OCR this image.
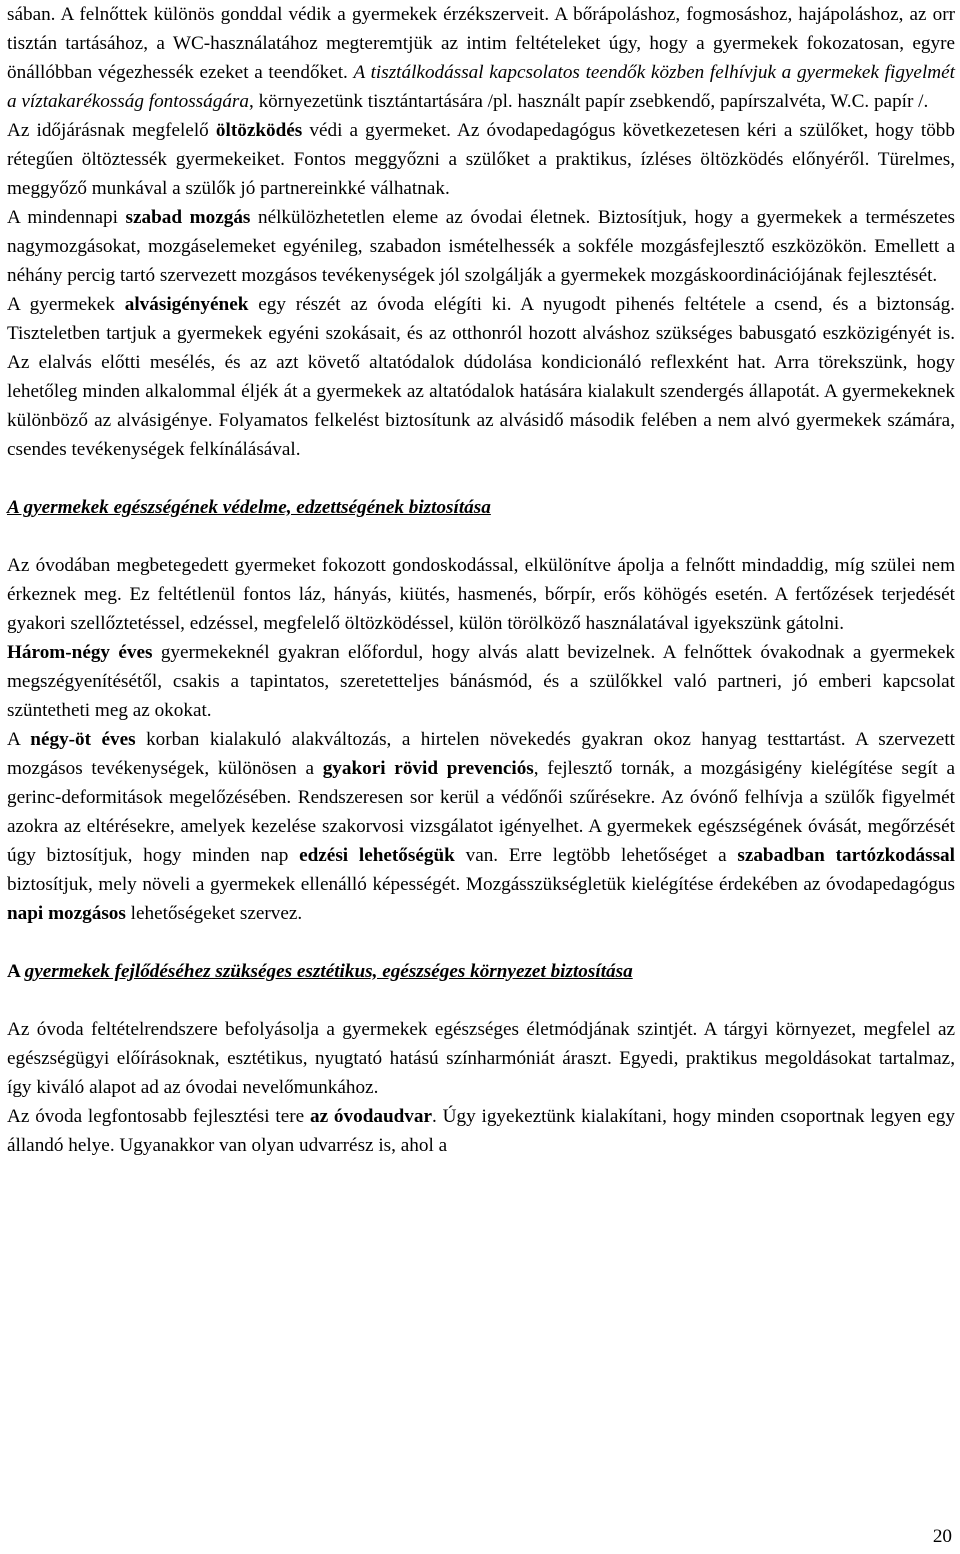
sában. A felnőttek különös gonddal védik a gyermekek érzékszerveit. A bőrápoláshoz, fogmosáshoz, hajápoláshoz, az orr tisztán tartásához, a WC-használatához megteremtjük az intim feltételeket úgy, hogy a gyermekek fokozatosan, egyre önállóbban végezhessék ezeket a teendőket. A tisztálkodással kapcsolatos teendők közben felhívjuk a gyermekek figyelmét a víztakarékosság fontosságára, környezetünk tisztántartására /pl. használt papír zsebkendő, papírszalvéta, W.C. papír /.

Az időjárásnak megfelelő öltözködés védi a gyermeket. Az óvodapedagógus következetesen kéri a szülőket, hogy több rétegűen öltöztessék gyermekeiket. Fontos meggyőzni a szülőket a praktikus, ízléses öltözködés előnyéről. Türelmes, meggyőző munkával a szülők jó partnereinkké válhatnak.

A mindennapi szabad mozgás nélkülözhetetlen eleme az óvodai életnek. Biztosítjuk, hogy a gyermekek a természetes nagymozgásokat, mozgáselemeket egyénileg, szabadon ismételhessék a sokféle mozgásfejlesztő eszközökön. Emellett a néhány percig tartó szervezett mozgásos tevékenységek jól szolgálják a gyermekek mozgáskoordinációjának fejlesztését.

A gyermekek alvásigényének egy részét az óvoda elégíti ki. A nyugodt pihenés feltétele a csend, és a biztonság. Tiszteletben tartjuk a gyermekek egyéni szokásait, és az otthonról hozott alváshoz szükséges babusgató eszközigényét is. Az elalvás előtti mesélés, és az azt követő altatódalok dúdolása kondicionáló reflexként hat. Arra törekszünk, hogy lehetőleg minden alkalommal éljék át a gyermekek az altatódalok hatására kialakult szendergés állapotát. A gyermekeknek különböző az alvásigénye. Folyamatos felkelést biztosítunk az alvásidő második felében a nem alvó gyermekek számára, csendes tevékenységek felkínálásával.

A gyermekek egészségének védelme, edzettségének biztosítása

Az óvodában megbetegedett gyermeket fokozott gondoskodással, elkülönítve ápolja a felnőtt mindaddig, míg szülei nem érkeznek meg. Ez feltétlenül fontos láz, hányás, kiütés, hasmenés, bőrpír, erős köhögés esetén. A fertőzések terjedését gyakori szellőztetéssel, edzéssel, megfelelő öltözködéssel, külön törölköző használatával igyekszünk gátolni.

Három-négy éves gyermekeknél gyakran előfordul, hogy alvás alatt bevizelnek. A felnőttek óvakodnak a gyermekek megszégyenítésétől, csakis a tapintatos, szeretetteljes bánásmód, és a szülőkkel való partneri, jó emberi kapcsolat szüntetheti meg az okokat.

A négy-öt éves korban kialakuló alakváltozás, a hirtelen növekedés gyakran okoz hanyag testtartást. A szervezett mozgásos tevékenységek, különösen a gyakori rövid prevenciós, fejlesztő tornák, a mozgásigény kielégítése segít a gerinc-deformitások megelőzésében. Rendszeresen sor kerül a védőnői szűrésekre. Az óvónő felhívja a szülők figyelmét azokra az eltérésekre, amelyek kezelése szakorvosi vizsgálatot igényelhet. A gyermekek egészségének óvását, megőrzését úgy biztosítjuk, hogy minden nap edzési lehetőségük van. Erre legtöbb lehetőséget a szabadban tartózkodással biztosítjuk, mely növeli a gyermekek ellenálló képességét. Mozgásszükségletük kielégítése érdekében az óvodapedagógus napi mozgásos lehetőségeket szervez.

A gyermekek fejlődéséhez szükséges esztétikus, egészséges környezet biztosítása

Az óvoda feltételrendszere befolyásolja a gyermekek egészséges életmódjának szintjét. A tárgyi környezet, megfelel az egészségügyi előírásoknak, esztétikus, nyugtató hatású színharmóniát áraszt. Egyedi, praktikus megoldásokat tartalmaz, így kiváló alapot ad az óvodai nevelőmunkához.

Az óvoda legfontosabb fejlesztési tere az óvodaudvar. Úgy igyekeztünk kialakítani, hogy minden csoportnak legyen egy állandó helye. Ugyanakkor van olyan udvarrész is, ahol a

20
